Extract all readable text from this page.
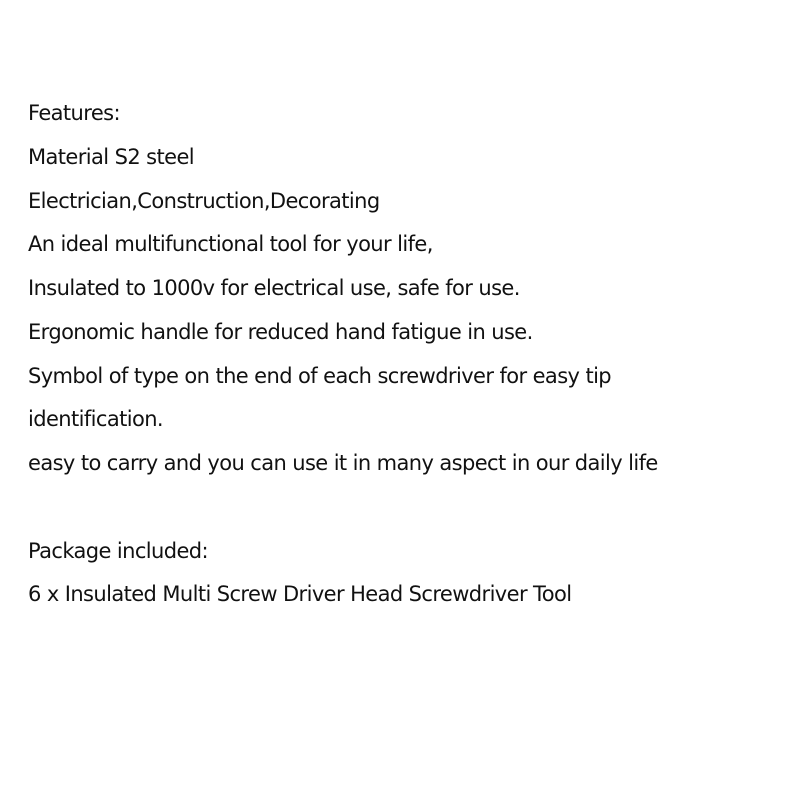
Features:
Material S2 steel
Electrician,Construction,Decorating
An ideal multifunctional tool for your life,
Insulated to 1000v for electrical use, safe for use.
Ergonomic handle for reduced hand fatigue in use.
Symbol of type on the end of each screwdriver for easy tip
identification.
easy to carry and you can use it in many aspect in our daily life
Package included:
6 x Insulated Multi Screw Driver Head Screwdriver Tool
